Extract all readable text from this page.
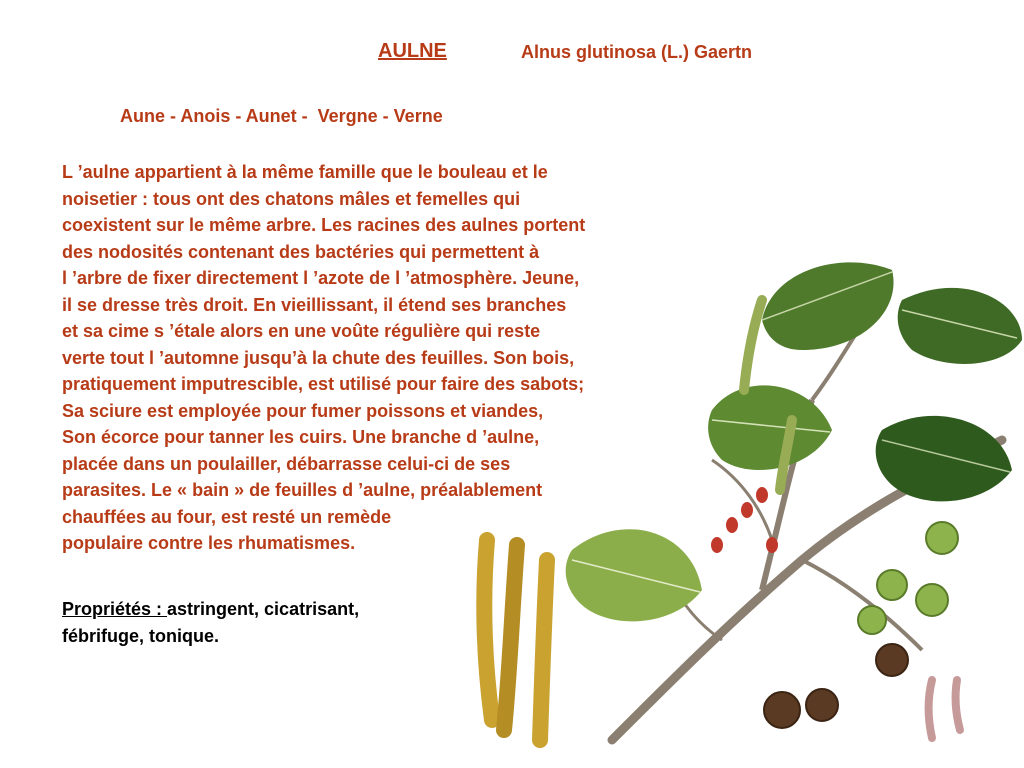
AULNE	Alnus glutinosa (L.) Gaertn
Aune - Anois - Aunet -  Vergne - Verne
L ’aulne appartient à la même famille que le bouleau et le
noisetier : tous ont des chatons mâles et femelles qui
coexistent sur le même arbre. Les racines des aulnes portent
des nodosités contenant des bactéries qui permettent à
l ’arbre de fixer directement l ’azote de l ’atmosphère. Jeune,
il se dresse très droit. En vieillissant, il étend ses branches
et sa cime s ’étale alors en une voûte régulière qui reste
verte tout l ’automne jusqu’à la chute des feuilles. Son bois,
pratiquement imputrescible, est utilisé pour faire des sabots;
Sa sciure est employée pour fumer poissons et viandes,
Son écorce pour tanner les cuirs. Une branche d ’aulne,
placée dans un poulailler, débarrasse celui-ci de ses
parasites. Le « bain » de feuilles d ’aulne, préalablement
chauffées au four, est resté un remède
populaire contre les rhumatismes.
Propriétés : astringent, cicatrisant,
fébrifuge, tonique.
